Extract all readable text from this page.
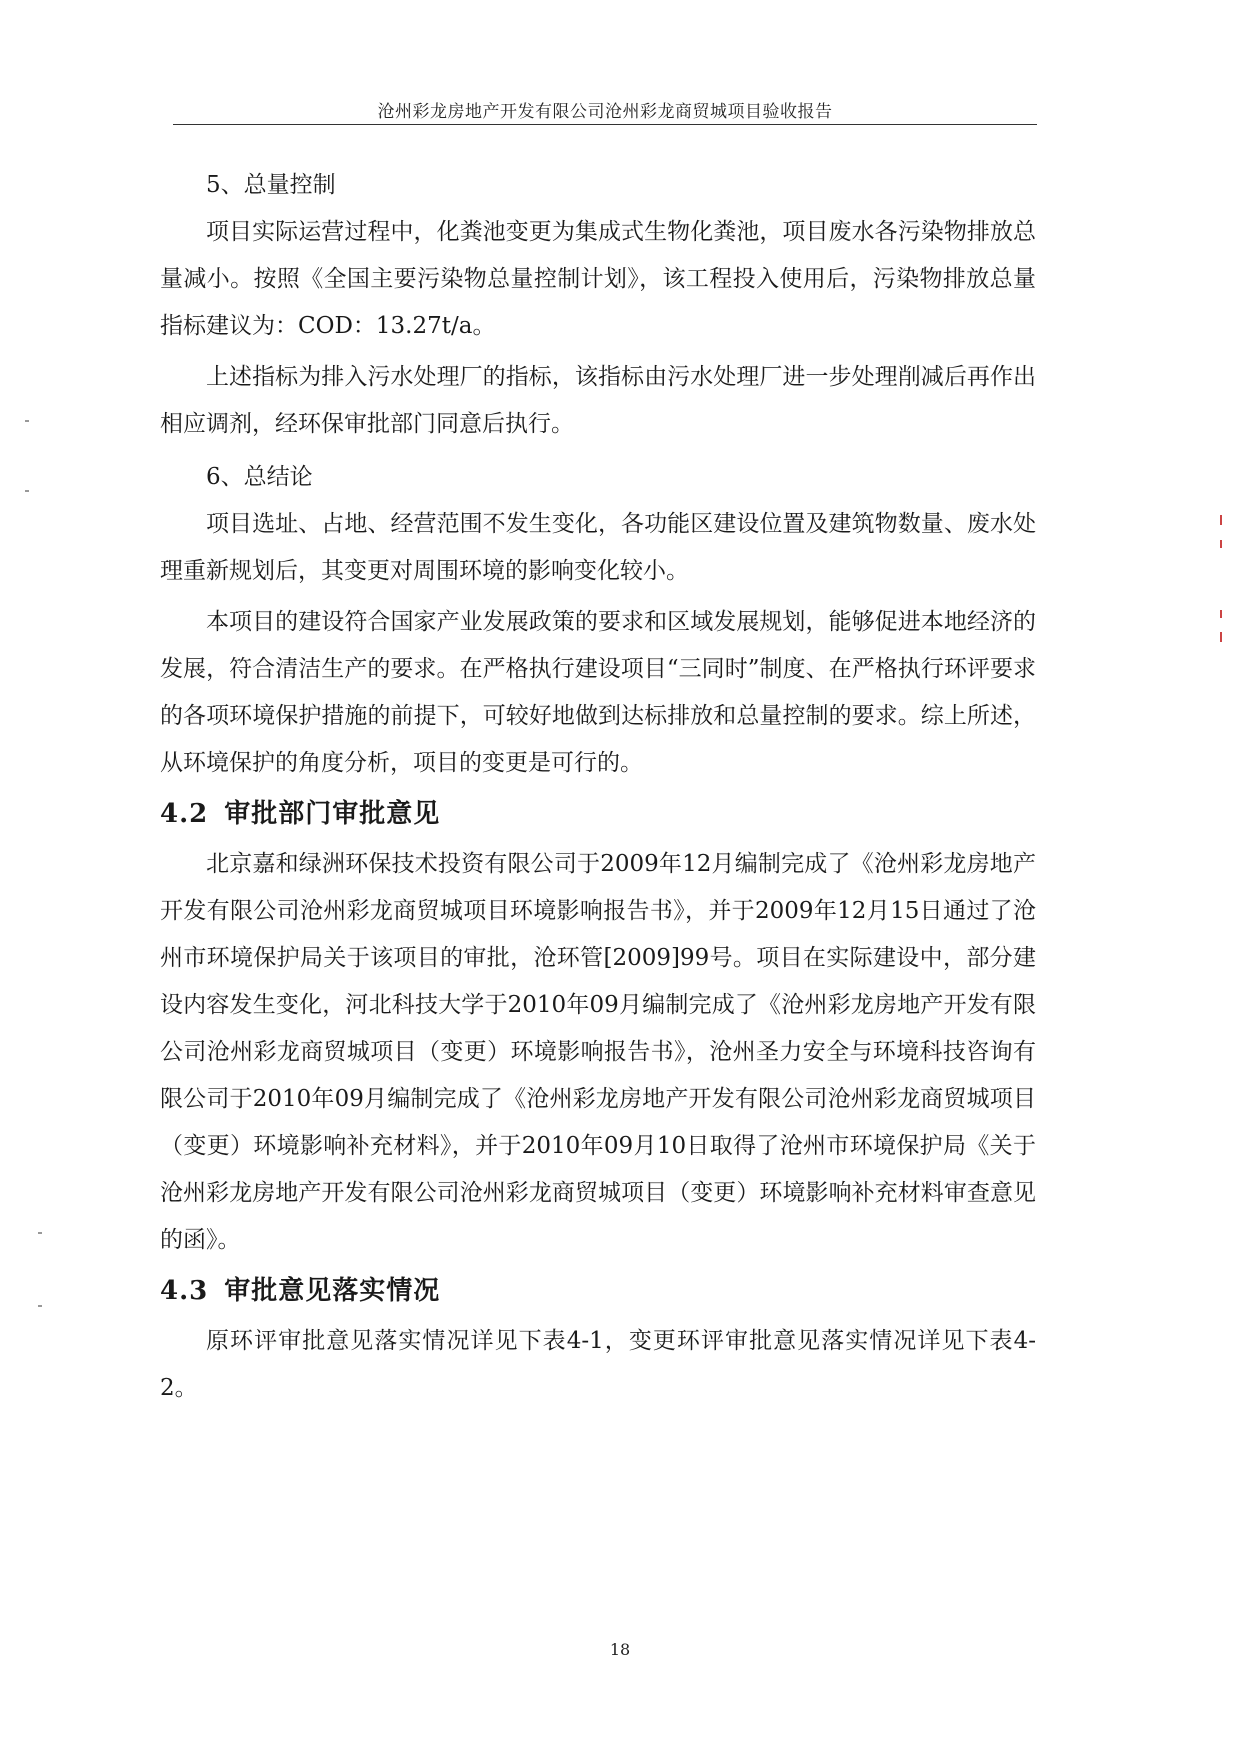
沧州彩龙房地产开发有限公司沧州彩龙商贸城项目验收报告

5、总量控制

项目实际运营过程中，化粪池变更为集成式生物化粪池，项目废水各污染物排放总量减小。按照《全国主要污染物总量控制计划》，该工程投入使用后，污染物排放总量指标建议为：COD：13.27t/a。

上述指标为排入污水处理厂的指标，该指标由污水处理厂进一步处理削减后再作出相应调剂，经环保审批部门同意后执行。

6、总结论

项目选址、占地、经营范围不发生变化，各功能区建设位置及建筑物数量、废水处理重新规划后，其变更对周围环境的影响变化较小。

本项目的建设符合国家产业发展政策的要求和区域发展规划，能够促进本地经济的发展，符合清洁生产的要求。在严格执行建设项目“三同时”制度、在严格执行环评要求的各项环境保护措施的前提下，可较好地做到达标排放和总量控制的要求。综上所述，从环境保护的角度分析，项目的变更是可行的。

4.2 审批部门审批意见

北京嘉和绿洲环保技术投资有限公司于2009年12月编制完成了《沧州彩龙房地产开发有限公司沧州彩龙商贸城项目环境影响报告书》，并于2009年12月15日通过了沧州市环境保护局关于该项目的审批，沧环管[2009]99号。项目在实际建设中，部分建设内容发生变化，河北科技大学于2010年09月编制完成了《沧州彩龙房地产开发有限公司沧州彩龙商贸城项目（变更）环境影响报告书》，沧州圣力安全与环境科技咨询有限公司于2010年09月编制完成了《沧州彩龙房地产开发有限公司沧州彩龙商贸城项目（变更）环境影响补充材料》，并于2010年09月10日取得了沧州市环境保护局《关于沧州彩龙房地产开发有限公司沧州彩龙商贸城项目（变更）环境影响补充材料审查意见的函》。

4.3 审批意见落实情况

原环评审批意见落实情况详见下表4-1，变更环评审批意见落实情况详见下表4-2。

18
